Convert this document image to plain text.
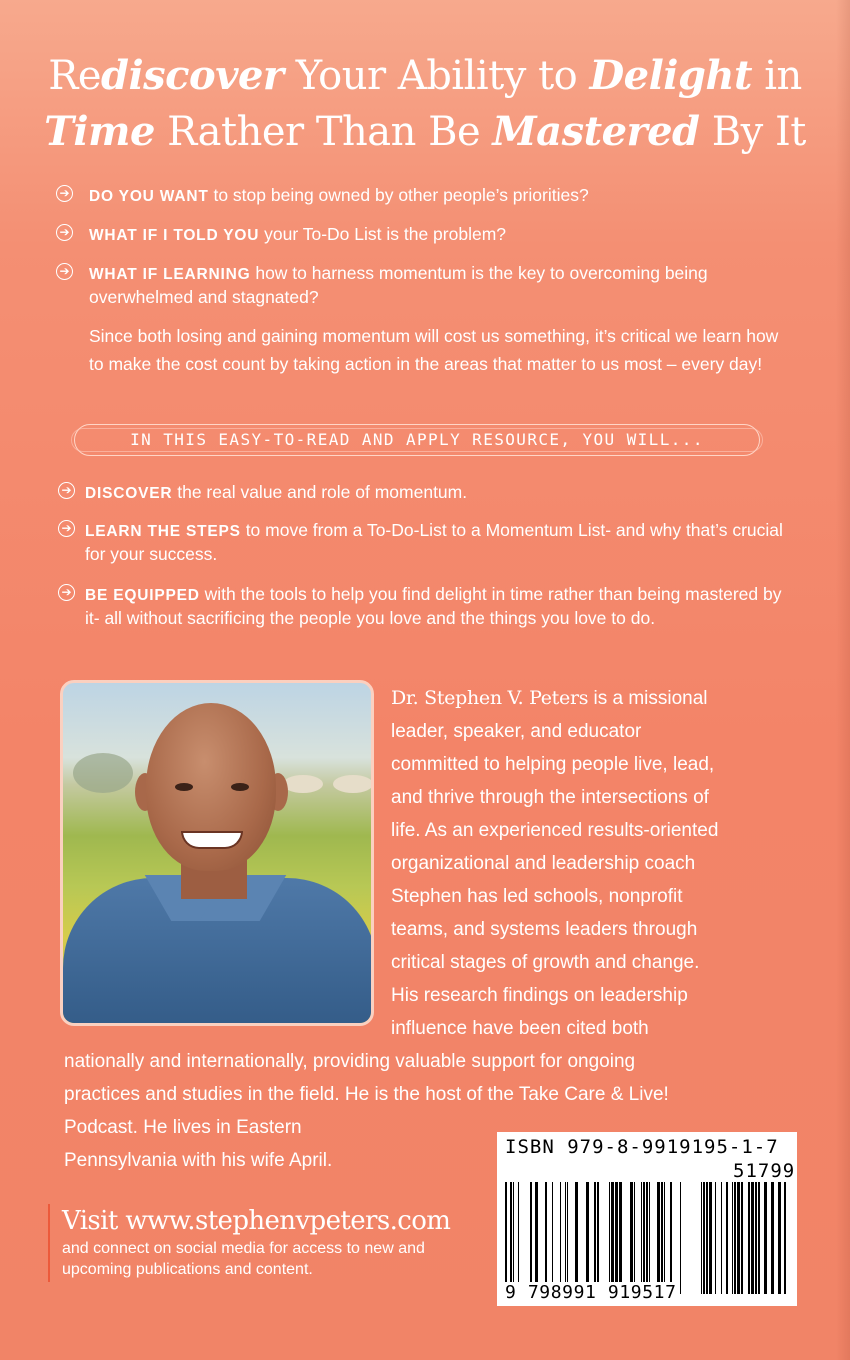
Rediscover Your Ability to Delight in
Time Rather Than Be Mastered By It
➔ DO YOU WANT to stop being owned by other people’s priorities?
➔ WHAT IF I TOLD YOU your To-Do List is the problem?
➔ WHAT IF LEARNING how to harness momentum is the key to overcoming being overwhelmed and stagnated?

Since both losing and gaining momentum will cost us something, it’s critical we learn how to make the cost count by taking action in the areas that matter to us most – every day!

IN THIS EASY-TO-READ AND APPLY RESOURCE, YOU WILL...
➔ DISCOVER the real value and role of momentum.
➔ LEARN THE STEPS to move from a To-Do-List to a Momentum List- and why that’s crucial for your success.
➔ BE EQUIPPED with the tools to help you find delight in time rather than being mastered by it- all without sacrificing the people you love and the things you love to do.
Dr. Stephen V. Peters is a missional
leader, speaker, and educator
committed to helping people live, lead,
and thrive through the intersections of
life. As an experienced results-oriented
organizational and leadership coach
Stephen has led schools, nonprofit
teams, and systems leaders through
critical stages of growth and change.
His research findings on leadership
influence have been cited both
nationally and internationally, providing valuable support for ongoing
practices and studies in the field. He is the host of the Take Care & Live!
Podcast. He lives in Eastern
Pennsylvania with his wife April.
Visit www.stephenvpeters.com
and connect on social media for access to new and upcoming publications and content.
ISBN 979-8-9919195-1-7
51799
9 798991 919517
